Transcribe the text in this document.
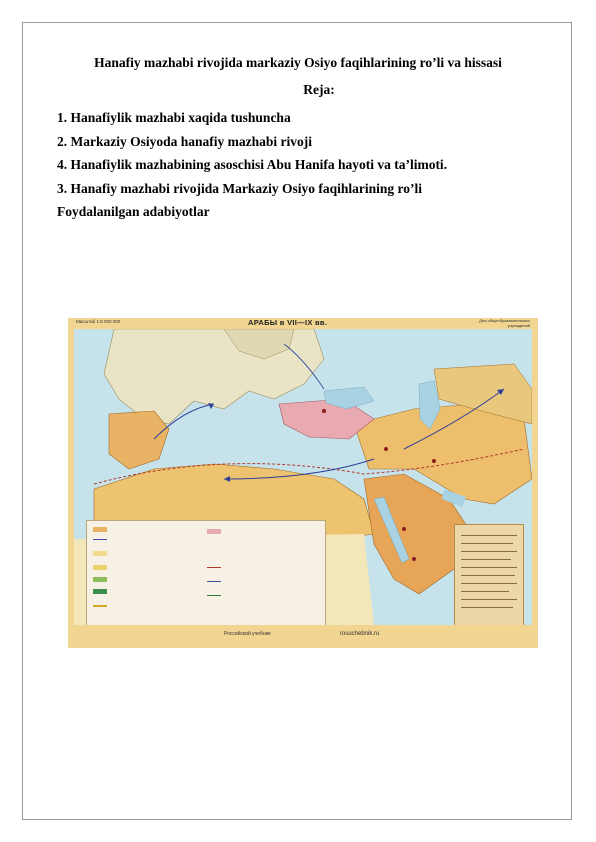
Hanafiy mazhabi rivojida markaziy Osiyo faqihlarining ro’li va hissasi
Reja:
1. Hanafiylik mazhabi xaqida tushuncha
2. Markaziy Osiyoda hanafiy mazhabi rivoji
4. Hanafiylik mazhabining asoschisi Abu Hanifa hayoti va ta’limoti.
3. Hanafiy mazhabi rivojida Markaziy Osiyo faqihlarining ro’li
Foydalanilgan adabiyotlar
Масштаб 1:8 000 000	АРАБЫ в VII—IX вв.	Для общеобразовательных учреждений
Российский учебник	rosuchebnik.ru
